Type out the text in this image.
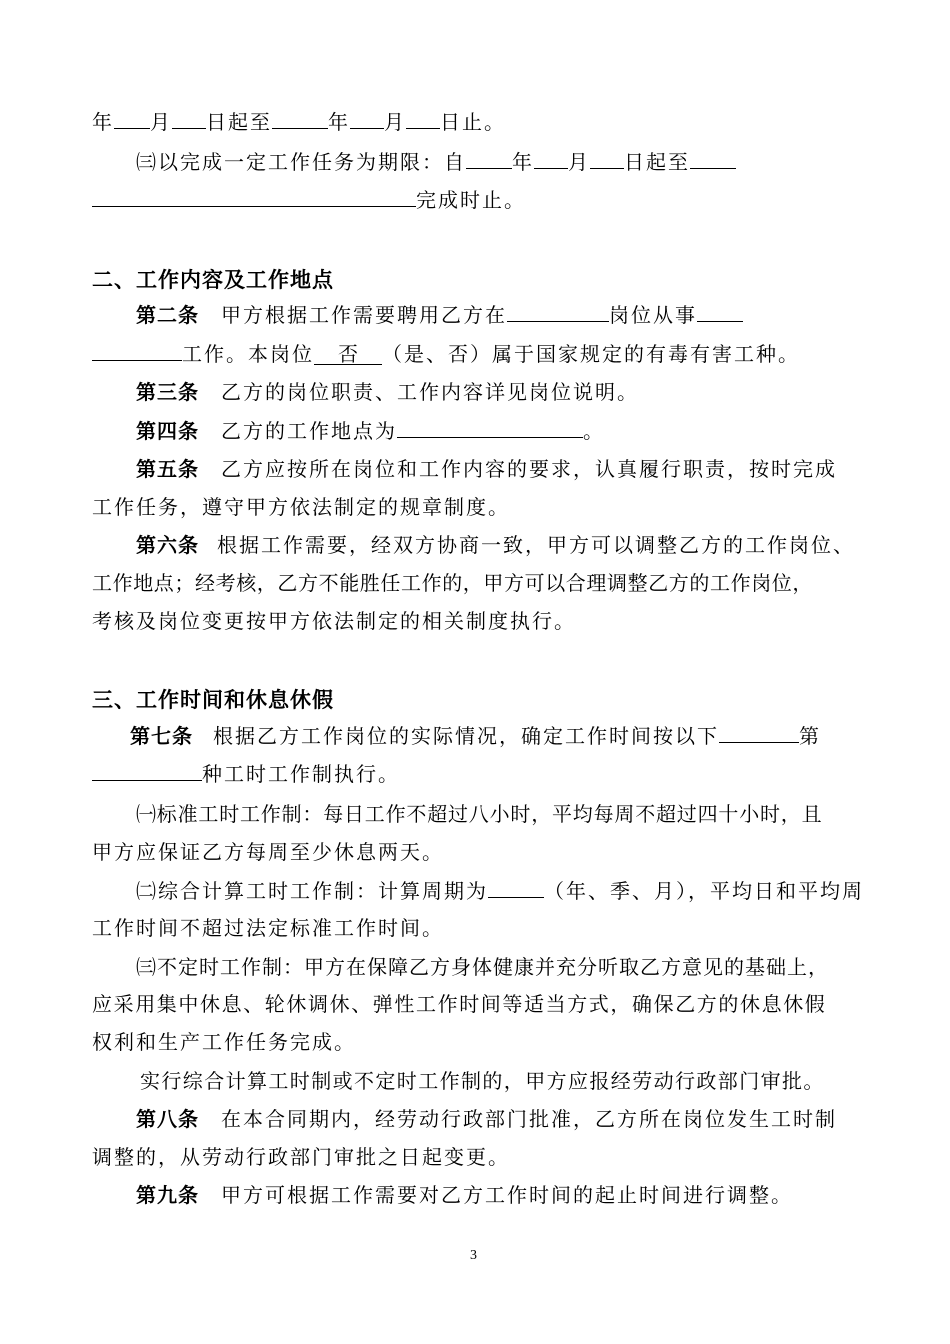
年 月 日起至	年 月 日止。
㈢以完成一定工作任务为期限：自 年 月 日起至
完成时止。
二、工作内容及工作地点
第二条 甲方根据工作需要聘用乙方在	岗位从事
工作。本岗位 否 （是、否）属于国家规定的有毒有害工种。
第三条 乙方的岗位职责、工作内容详见岗位说明。
第四条 乙方的工作地点为	。
第五条 乙方应按所在岗位和工作内容的要求，认真履行职责，按时完成
工作任务，遵守甲方依法制定的规章制度。
第六条 根据工作需要，经双方协商一致，甲方可以调整乙方的工作岗位、
工作地点；经考核，乙方不能胜任工作的，甲方可以合理调整乙方的工作岗位，
考核及岗位变更按甲方依法制定的相关制度执行。
三、工作时间和休息休假
第七条 根据乙方工作岗位的实际情况，确定工作时间按以下	第
种工时工作制执行。
㈠标准工时工作制：每日工作不超过八小时，平均每周不超过四十小时，且
甲方应保证乙方每周至少休息两天。
㈡综合计算工时工作制：计算周期为	（年、季、月），平均日和平均周
工作时间不超过法定标准工作时间。
㈢不定时工作制：甲方在保障乙方身体健康并充分听取乙方意见的基础上，
应采用集中休息、轮休调休、弹性工作时间等适当方式，确保乙方的休息休假
权利和生产工作任务完成。
实行综合计算工时制或不定时工作制的，甲方应报经劳动行政部门审批。
第八条 在本合同期内，经劳动行政部门批准，乙方所在岗位发生工时制
调整的，从劳动行政部门审批之日起变更。
第九条 甲方可根据工作需要对乙方工作时间的起止时间进行调整。
3
